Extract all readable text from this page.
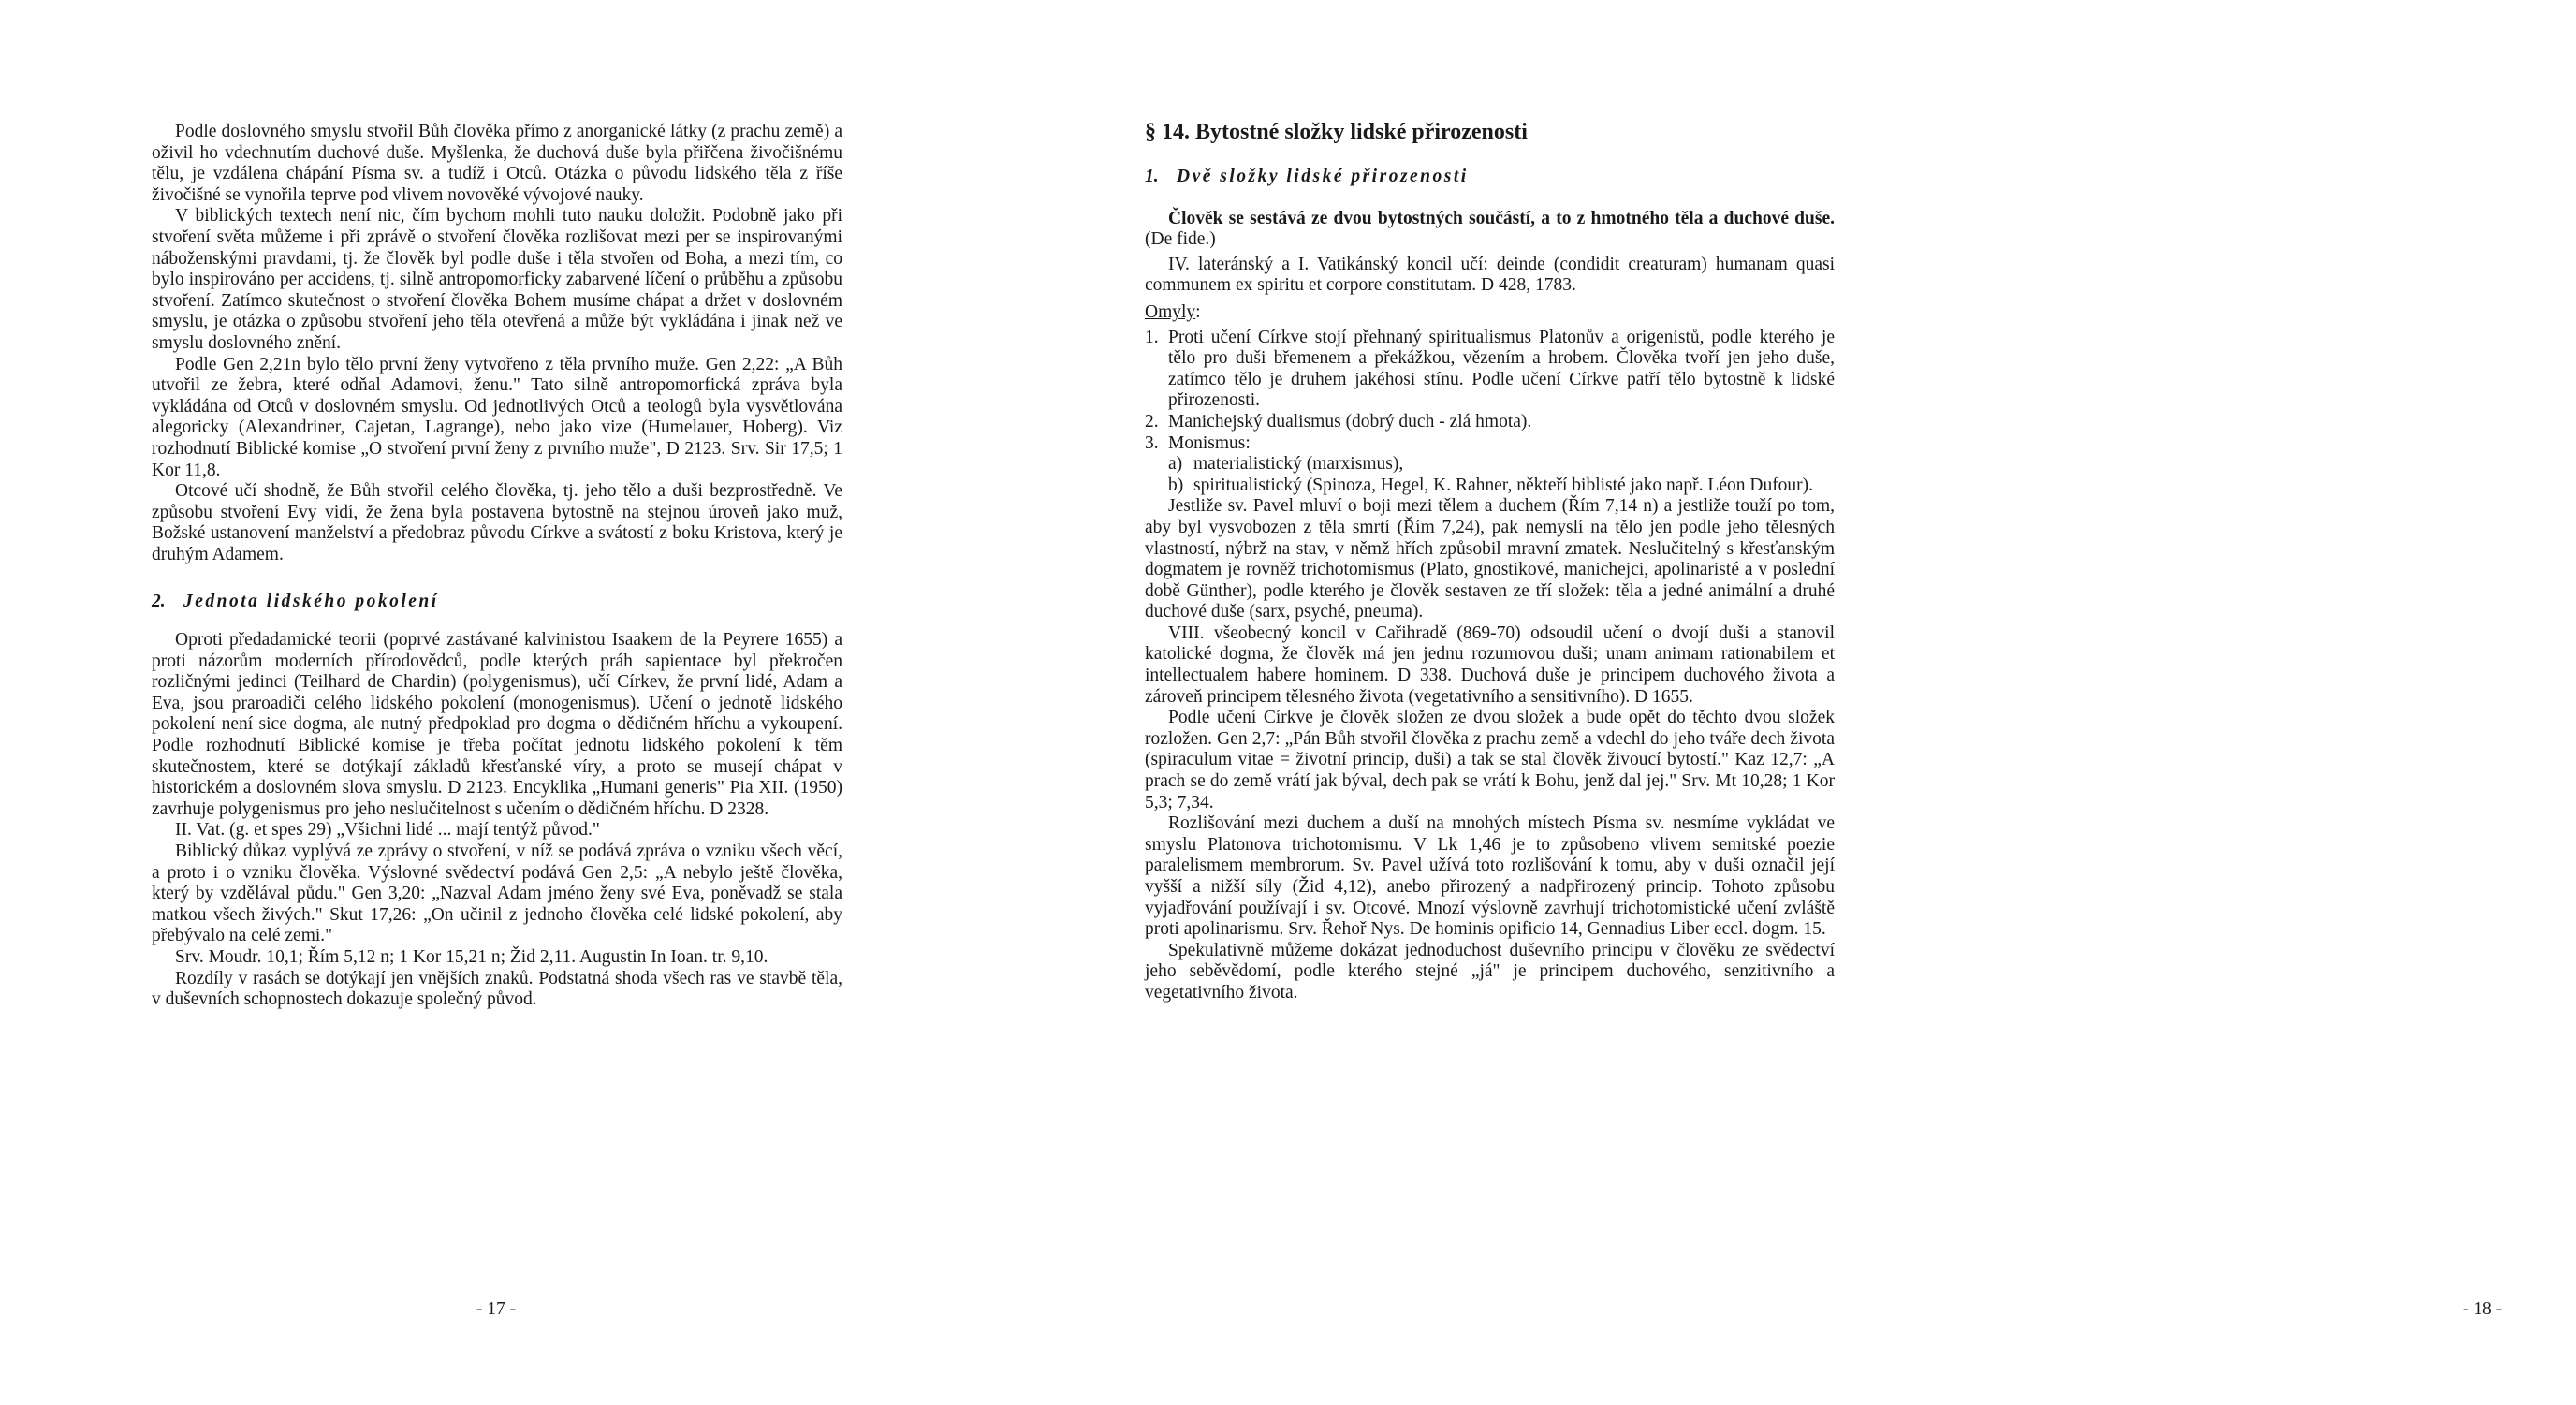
Podle doslovného smyslu stvořil Bůh člověka přímo z anorganické látky (z prachu země) a oživil ho vdechnutím duchové duše. Myšlenka, že duchová duše byla přiřčena živočišnému tělu, je vzdálena chápání Písma sv. a tudíž i Otců. Otázka o původu lidského těla z říše živočišné se vynořila teprve pod vlivem novověké vývojové nauky.

V biblických textech není nic, čím bychom mohli tuto nauku doložit. Podobně jako při stvoření světa můžeme i při zprávě o stvoření člověka rozlišovat mezi per se inspirovanými náboženskými pravdami, tj. že člověk byl podle duše i těla stvořen od Boha, a mezi tím, co bylo inspirováno per accidens, tj. silně antropomorficky zabarvené líčení o průběhu a způsobu stvoření. Zatímco skutečnost o stvoření člověka Bohem musíme chápat a držet v doslovném smyslu, je otázka o způsobu stvoření jeho těla otevřená a může být vykládána i jinak než ve smyslu doslovného znění.

Podle Gen 2,21n bylo tělo první ženy vytvořeno z těla prvního muže. Gen 2,22: „A Bůh utvořil ze žebra, které odňal Adamovi, ženu." Tato silně antropomorfická zpráva byla vykládána od Otců v doslovném smyslu. Od jednotlivých Otců a teologů byla vysvětlována alegoricky (Alexandriner, Cajetan, Lagrange), nebo jako vize (Humelauer, Hoberg). Viz rozhodnutí Biblické komise „O stvoření první ženy z prvního muže", D 2123. Srv. Sir 17,5; 1 Kor 11,8.

Otcové učí shodně, že Bůh stvořil celého člověka, tj. jeho tělo a duši bezprostředně. Ve způsobu stvoření Evy vidí, že žena byla postavena bytostně na stejnou úroveň jako muž, Božské ustanovení manželství a předobraz původu Církve a svátostí z boku Kristova, který je druhým Adamem.

2. Jednota lidského pokolení

Oproti předadamické teorii (poprvé zastávané kalvinistou Isaakem de la Peyrere 1655) a proti názorům moderních přírodovědců, podle kterých práh sapientace byl překročen rozličnými jedinci (Teilhard de Chardin) (polygenismus), učí Církev, že první lidé, Adam a Eva, jsou praroadiči celého lidského pokolení (monogenismus). Učení o jednotě lidského pokolení není sice dogma, ale nutný předpoklad pro dogma o dědičném hříchu a vykoupení. Podle rozhodnutí Biblické komise je třeba počítat jednotu lidského pokolení k těm skutečnostem, které se dotýkají základů křesťanské víry, a proto se musejí chápat v historickém a doslovném slova smyslu. D 2123. Encyklika „Humani generis" Pia XII. (1950) zavrhuje polygenismus pro jeho neslučitelnost s učením o dědičném hříchu. D 2328.

II. Vat. (g. et spes 29) „Všichni lidé ... mají tentýž původ."

Biblický důkaz vyplývá ze zprávy o stvoření, v níž se podává zpráva o vzniku všech věcí, a proto i o vzniku člověka. Výslovné svědectví podává Gen 2,5: „A nebylo ještě člověka, který by vzdělával půdu." Gen 3,20: „Nazval Adam jméno ženy své Eva, poněvadž se stala matkou všech živých." Skut 17,26: „On učinil z jednoho člověka celé lidské pokolení, aby přebývalo na celé zemi."

Srv. Moudr. 10,1; Řím 5,12 n; 1 Kor 15,21 n; Žid 2,11. Augustin In Ioan. tr. 9,10.

Rozdíly v rasách se dotýkají jen vnějších znaků. Podstatná shoda všech ras ve stavbě těla, v duševních schopnostech dokazuje společný původ.

- 17 -

§ 14. Bytostné složky lidské přirozenosti

1. Dvě složky lidské přirozenosti

Člověk se sestává ze dvou bytostných součástí, a to z hmotného těla a duchové duše. (De fide.)

IV. lateránský a I. Vatikánský koncil učí: deinde (condidit creaturam) humanam quasi communem ex spiritu et corpore constitutam. D 428, 1783.

Omyly:

1. Proti učení Církve stojí přehnaný spiritualismus Platonův a origenistů, podle kterého je tělo pro duši břemenem a překážkou, vězením a hrobem. Člověka tvoří jen jeho duše, zatímco tělo je druhem jakéhosi stínu. Podle učení Církve patří tělo bytostně k lidské přirozenosti.
2. Manichejský dualismus (dobrý duch - zlá hmota).
3. Monismus:
a) materialistický (marxismus),
b) spiritualistický (Spinoza, Hegel, K. Rahner, někteří biblisté jako např. Léon Dufour).

Jestliže sv. Pavel mluví o boji mezi tělem a duchem (Řím 7,14 n) a jestliže touží po tom, aby byl vysvobozen z těla smrtí (Řím 7,24), pak nemyslí na tělo jen podle jeho tělesných vlastností, nýbrž na stav, v němž hřích způsobil mravní zmatek. Neslučitelný s křesťanským dogmatem je rovněž trichotomismus (Plato, gnostikové, manichejci, apolinaristé a v poslední době Günther), podle kterého je člověk sestaven ze tří složek: těla a jedné animální a druhé duchové duše (sarx, psyché, pneuma).

VIII. všeobecný koncil v Cařihradě (869-70) odsoudil učení o dvojí duši a stanovil katolické dogma, že člověk má jen jednu rozumovou duši; unam animam rationabilem et intellectualem habere hominem. D 338. Duchová duše je principem duchového života a zároveň principem tělesného života (vegetativního a sensitivního). D 1655.

Podle učení Církve je člověk složen ze dvou složek a bude opět do těchto dvou složek rozložen. Gen 2,7: „Pán Bůh stvořil člověka z prachu země a vdechl do jeho tváře dech života (spiraculum vitae = životní princip, duši) a tak se stal člověk živoucí bytostí." Kaz 12,7: „A prach se do země vrátí jak býval, dech pak se vrátí k Bohu, jenž dal jej." Srv. Mt 10,28; 1 Kor 5,3; 7,34.

Rozlišování mezi duchem a duší na mnohých místech Písma sv. nesmíme vykládat ve smyslu Platonova trichotomismu. V Lk 1,46 je to způsobeno vlivem semitské poezie paralelismem membrorum. Sv. Pavel užívá toto rozlišování k tomu, aby v duši označil její vyšší a nižší síly (Žid 4,12), anebo přirozený a nadpřirozený princip. Tohoto způsobu vyjadřování používají i sv. Otcové. Mnozí výslovně zavrhují trichotomistické učení zvláště proti apolinarismu. Srv. Řehoř Nys. De hominis opificio 14, Gennadius Liber eccl. dogm. 15.

Spekulativně můžeme dokázat jednoduchost duševního principu v člověku ze svědectví jeho seběvědomí, podle kterého stejné „já" je principem duchového, senzitivního a vegetativního života.

- 18 -
